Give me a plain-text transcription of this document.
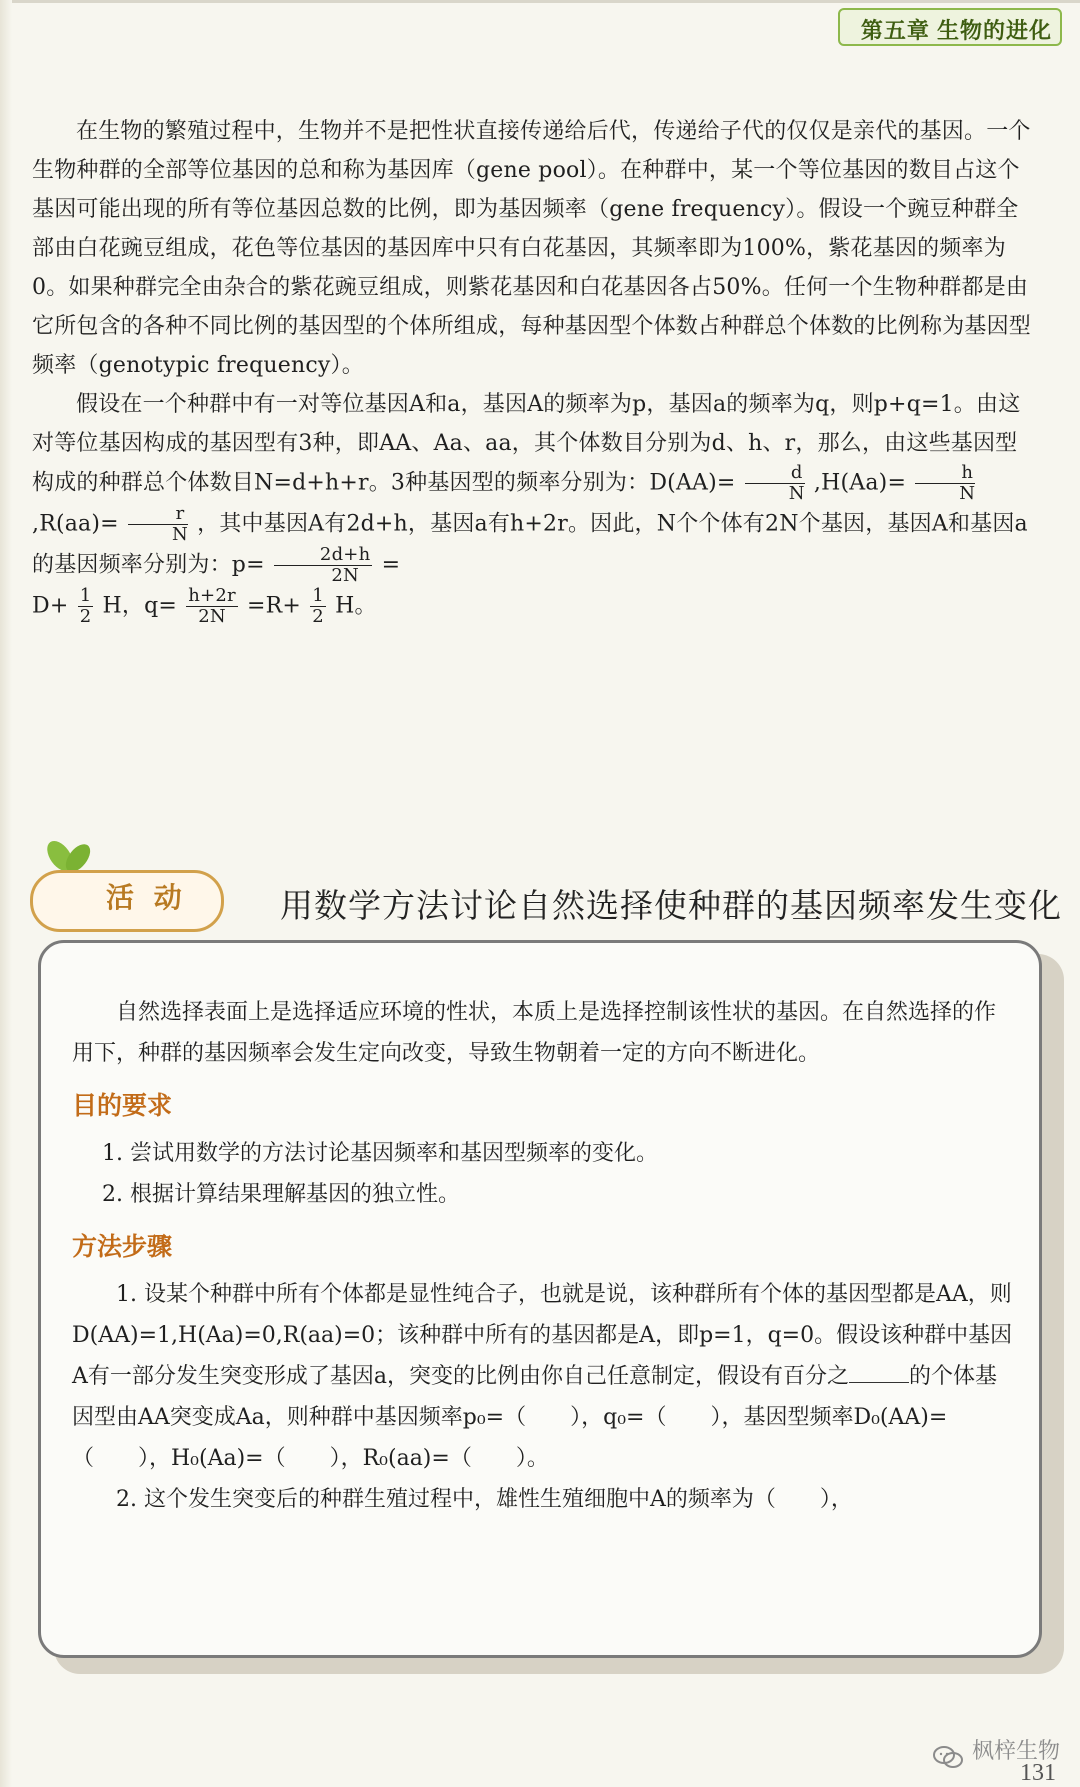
第五章 生物的进化

在生物的繁殖过程中，生物并不是把性状直接传递给后代，传递给子代的仅仅是亲代的基因。一个生物种群的全部等位基因的总和称为基因库（gene pool）。在种群中，某一个等位基因的数目占这个基因可能出现的所有等位基因总数的比例，即为基因频率（gene frequency）。假设一个豌豆种群全部由白花豌豆组成，花色等位基因的基因库中只有白花基因，其频率即为100%，紫花基因的频率为0。如果种群完全由杂合的紫花豌豆组成，则紫花基因和白花基因各占50%。任何一个生物种群都是由它所包含的各种不同比例的基因型的个体所组成，每种基因型个体数占种群总个体数的比例称为基因型频率（genotypic frequency）。

假设在一个种群中有一对等位基因A和a，基因A的频率为p，基因a的频率为q，则p+q=1。由这对等位基因构成的基因型有3种，即AA、Aa、aa，其个体数目分别为d、h、r，那么，由这些基因型构成的种群总个体数目N=d+h+r。3种基因型的频率分别为：$D(AA)= \frac{d}{N} ,H(Aa)= \frac{h}{N}$
$,R(aa)= \frac{r}{N}$ ，其中基因A有2d+h，基因a有h+2r。因此，N个个体有2N个基因，基因A和基因a的基因频率分别为：$p= \frac{2d+h}{2N}$ =

$D+ \frac{1}{2}$ H，$q= \frac{h+2r}{2N} =R+ \frac{1}{2}$ H。

活 动	用数学方法讨论自然选择使种群的基因频率发生变化

自然选择表面上是选择适应环境的性状，本质上是选择控制该性状的基因。在自然选择的作用下，种群的基因频率会发生定向改变，导致生物朝着一定的方向不断进化。

目的要求

1. 尝试用数学的方法讨论基因频率和基因型频率的变化。

2. 根据计算结果理解基因的独立性。

方法步骤

1. 设某个种群中所有个体都是显性纯合子，也就是说，该种群所有个体的基因型都是AA，则D(AA)=1,H(Aa)=0,R(aa)=0；该种群中所有的基因都是A，即p=1，q=0。假设该种群中基因A有一部分发生突变形成了基因a，突变的比例由你自己任意制定，假设有百分之	的个体基因型由AA突变成Aa，则种群中基因频率p₀=（　　），q₀=（　　），基因型频率D₀(AA)=（　　），H₀(Aa)=（　　），R₀(aa)=（　　）。

2. 这个发生突变后的种群生殖过程中，雄性生殖细胞中A的频率为（　　），

枫梓生物
131
